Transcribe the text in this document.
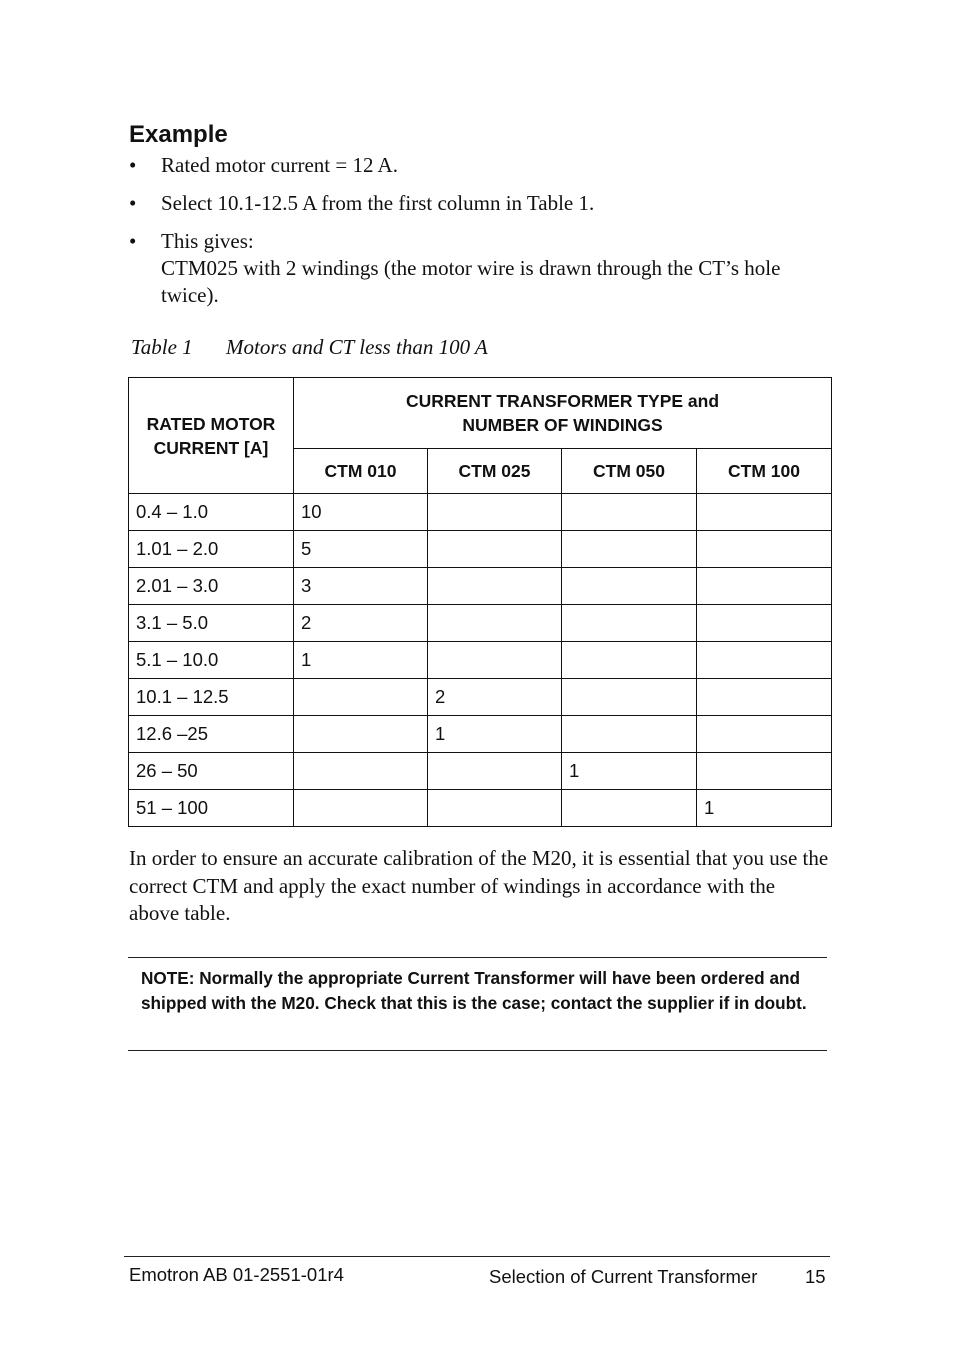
Example
• Rated motor current = 12 A.
• Select 10.1-12.5 A from the first column in Table 1.
• This gives:
CTM025 with 2 windings (the motor wire is drawn through the CT’s hole twice).
Table 1 Motors and CT less than 100 A
RATED MOTOR CURRENT [A]	CURRENT TRANSFORMER TYPE and NUMBER OF WINDINGS			

	CTM 010	CTM 025	CTM 050	CTM 100
0.4 – 1.0	10			
1.01 – 2.0	5			
2.01 – 3.0	3			
3.1 – 5.0	2			
5.1 – 10.0	1			
10.1 – 12.5		2		
12.6 –25		1		
26 – 50			1	
51 – 100				1

In order to ensure an accurate calibration of the M20, it is essential that you use the correct CTM and apply the exact number of windings in accordance with the above table.

NOTE: Normally the appropriate Current Transformer will have been ordered and shipped with the M20. Check that this is the case; contact the supplier if in doubt.

Emotron AB 01-2551-01r4	Selection of Current Transformer	15
